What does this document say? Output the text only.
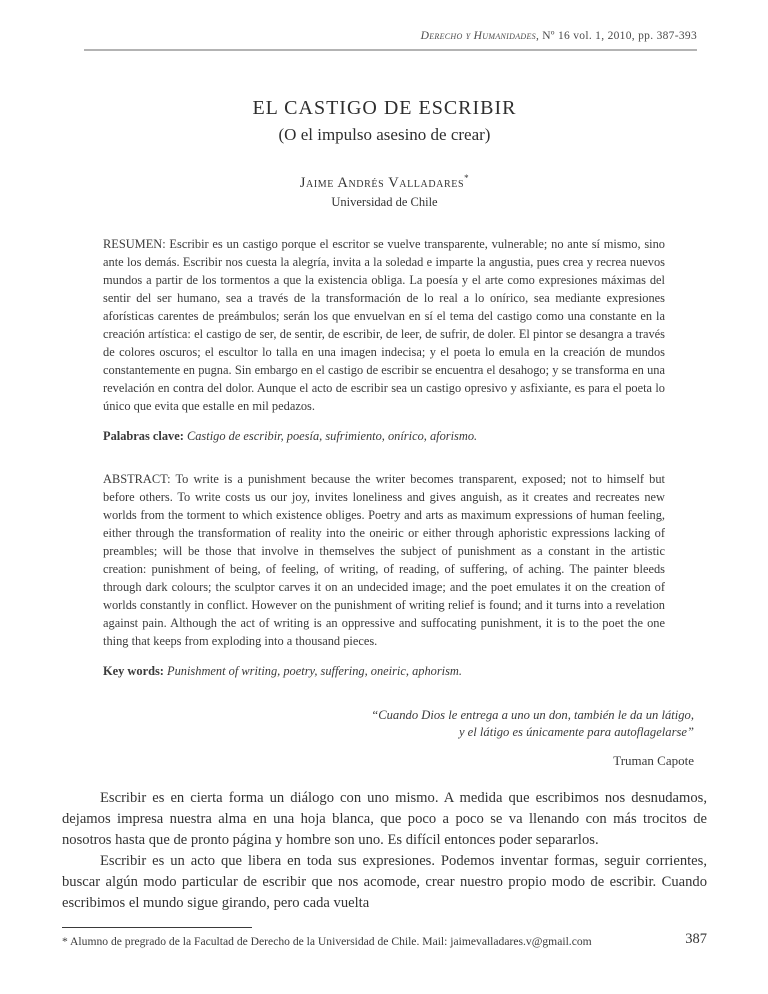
Derecho y Humanidades, Nº 16 vol. 1, 2010, pp. 387-393
EL CASTIGO DE ESCRIBIR
(O el impulso asesino de crear)
Jaime Andrés Valladares*
Universidad de Chile

RESUMEN: Escribir es un castigo porque el escritor se vuelve transparente, vulnerable; no ante sí mismo, sino ante los demás. Escribir nos cuesta la alegría, invita a la soledad e imparte la angustia, pues crea y recrea nuevos mundos a partir de los tormentos a que la existencia obliga. La poesía y el arte como expresiones máximas del sentir del ser humano, sea a través de la transformación de lo real a lo onírico, sea mediante expresiones aforísticas carentes de preámbulos; serán los que envuelvan en sí el tema del castigo como una constante en la creación artística: el castigo de ser, de sentir, de escribir, de leer, de sufrir, de doler. El pintor se desangra a través de colores oscuros; el escultor lo talla en una imagen indecisa; y el poeta lo emula en la creación de mundos constantemente en pugna. Sin embargo en el castigo de escribir se encuentra el desahogo; y se transforma en una revelación en contra del dolor. Aunque el acto de escribir sea un castigo opresivo y asfixiante, es para el poeta lo único que evita que estalle en mil pedazos.

Palabras clave: Castigo de escribir, poesía, sufrimiento, onírico, aforismo.

ABSTRACT: To write is a punishment because the writer becomes transparent, exposed; not to himself but before others. To write costs us our joy, invites loneliness and gives anguish, as it creates and recreates new worlds from the torment to which existence obliges. Poetry and arts as maximum expressions of human feeling, either through the transformation of reality into the oneiric or either through aphoristic expressions lacking of preambles; will be those that involve in themselves the subject of punishment as a constant in the artistic creation: punishment of being, of feeling, of writing, of reading, of suffering, of aching. The painter bleeds through dark colours; the sculptor carves it on an undecided image; and the poet emulates it on the creation of worlds constantly in conflict. However on the punishment of writing relief is found; and it turns into a revelation against pain. Although the act of writing is an oppressive and suffocating punishment, it is to the poet the one thing that keeps from exploding into a thousand pieces.

Key words: Punishment of writing, poetry, suffering, oneiric, aphorism.

“Cuando Dios le entrega a uno un don, también le da un látigo,
y el látigo es únicamente para autoflagelarse”
Truman Capote

Escribir es en cierta forma un diálogo con uno mismo. A medida que escribimos nos desnudamos, dejamos impresa nuestra alma en una hoja blanca, que poco a poco se va llenando con más trocitos de nosotros hasta que de pronto página y hombre son uno. Es difícil entonces poder separarlos.

Escribir es un acto que libera en toda sus expresiones. Podemos inventar formas, seguir corrientes, buscar algún modo particular de escribir que nos acomode, crear nuestro propio modo de escribir. Cuando escribimos el mundo sigue girando, pero cada vuelta

* Alumno de pregrado de la Facultad de Derecho de la Universidad de Chile. Mail: jaimevalladares.v@gmail.com	387
